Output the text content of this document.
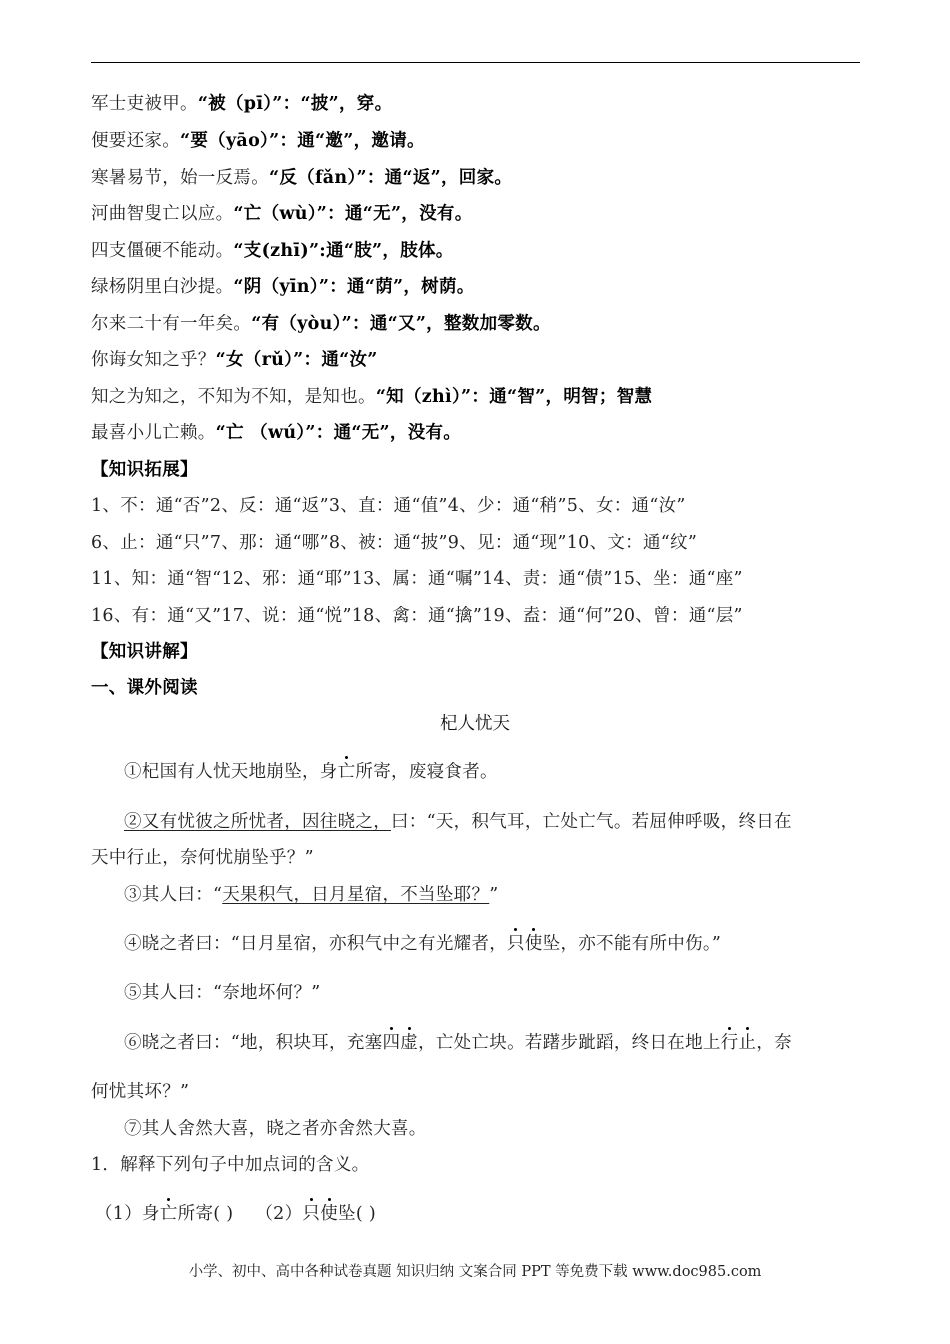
军士吏被甲。“被（pī）”：“披”，穿。
便要还家。“要（yāo）”：通“邀”，邀请。
寒暑易节，始一反焉。“反（fǎn）”：通“返”，回家。
河曲智叟亡以应。“亡（wù）”：通“无”，没有。
四支僵硬不能动。“支(zhī)”:通“肢”，肢体。
绿杨阴里白沙提。“阴（yīn）”：通“荫”，树荫。
尔来二十有一年矣。“有（yòu）”：通“又”，整数加零数。
你诲女知之乎？“女（rǔ）”：通“汝”
知之为知之，不知为不知，是知也。“知（zhì）”：通“智”，明智；智慧
最喜小儿亡赖。“亡 （wú）”：通“无”，没有。
【知识拓展】
1、不：通“否”2、反：通“返”3、直：通“值”4、少：通“稍”5、女：通“汝”
6、止：通“只”7、那：通“哪”8、被：通“披”9、见：通“现”10、文：通“纹”
11、知：通“智“12、邪：通“耶”13、属：通“嘱”14、责：通“债”15、坐：通“座”
16、有：通“又”17、说：通“悦”18、禽：通“擒”19、盍：通“何”20、曾：通“层”
【知识讲解】
一、课外阅读
杞人忧天
①杞国有人忧天地崩坠，身亡所寄，废寝食者。
②又有忧彼之所忧者，因往晓之，曰：“天，积气耳，亡处亡气。若屈伸呼吸，终日在
天中行止，奈何忧崩坠乎？”
③其人曰：“天果积气，日月星宿，不当坠耶？”
④晓之者曰：“日月星宿，亦积气中之有光耀者，只使坠，亦不能有所中伤。”
⑤其人曰：“奈地坏何？”
⑥晓之者曰：“地，积块耳，充塞四虚，亡处亡块。若躇步跐蹈，终日在地上行止，奈
何忧其坏？”
⑦其人舍然大喜，晓之者亦舍然大喜。
1．解释下列句子中加点词的含义。
（1）身亡所寄( ) （2）只使坠( )
小学、初中、高中各种试卷真题 知识归纳 文案合同 PPT 等免费下载 www.doc985.com
